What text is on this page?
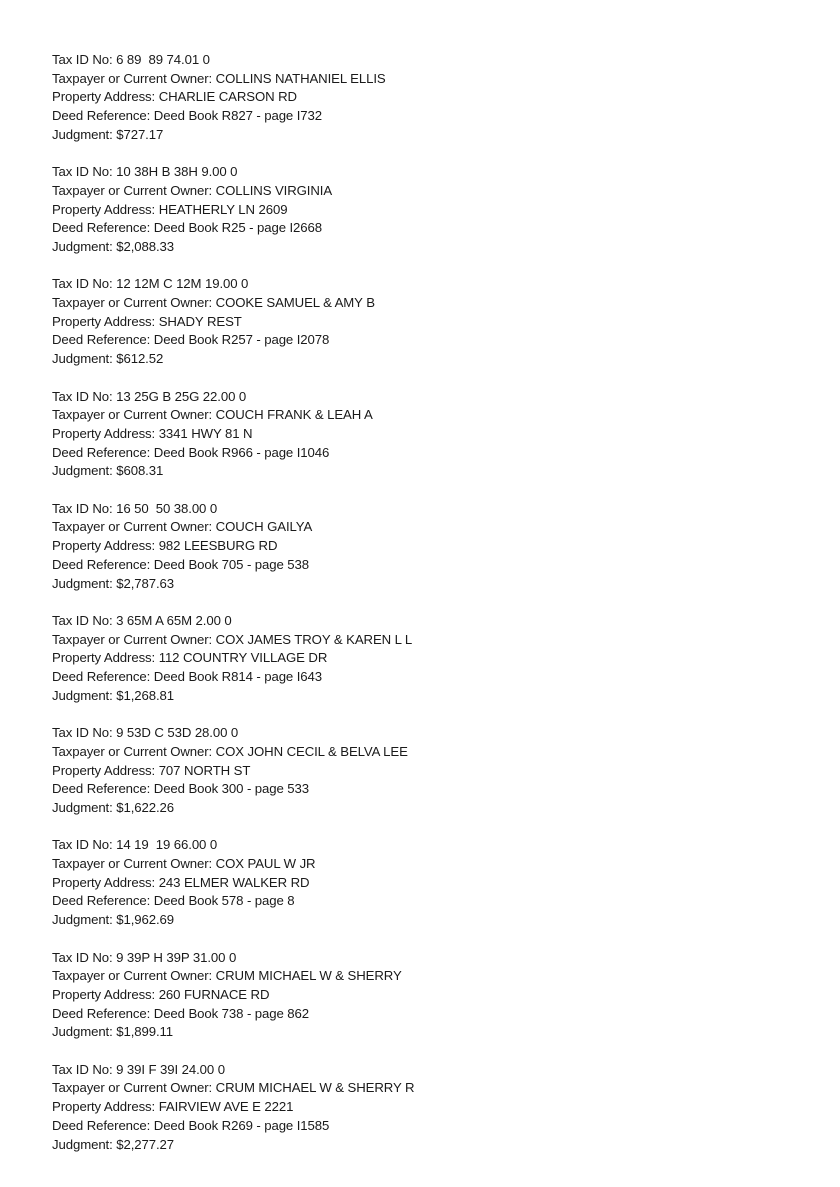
Tax ID No: 6 89  89 74.01 0
Taxpayer or Current Owner: COLLINS NATHANIEL ELLIS
Property Address: CHARLIE CARSON RD
Deed Reference: Deed Book R827 - page I732
Judgment: $727.17
Tax ID No: 10 38H B 38H 9.00 0
Taxpayer or Current Owner: COLLINS VIRGINIA
Property Address: HEATHERLY LN 2609
Deed Reference: Deed Book R25 - page I2668
Judgment: $2,088.33
Tax ID No: 12 12M C 12M 19.00 0
Taxpayer or Current Owner: COOKE SAMUEL & AMY B
Property Address: SHADY REST
Deed Reference: Deed Book R257 - page I2078
Judgment: $612.52
Tax ID No: 13 25G B 25G 22.00 0
Taxpayer or Current Owner: COUCH FRANK & LEAH A
Property Address: 3341 HWY 81 N
Deed Reference: Deed Book R966 - page I1046
Judgment: $608.31
Tax ID No: 16 50  50 38.00 0
Taxpayer or Current Owner: COUCH GAILYA
Property Address: 982 LEESBURG RD
Deed Reference: Deed Book 705 - page 538
Judgment: $2,787.63
Tax ID No: 3 65M A 65M 2.00 0
Taxpayer or Current Owner: COX JAMES TROY & KAREN L L
Property Address: 112 COUNTRY VILLAGE DR
Deed Reference: Deed Book R814 - page I643
Judgment: $1,268.81
Tax ID No: 9 53D C 53D 28.00 0
Taxpayer or Current Owner: COX JOHN CECIL & BELVA LEE
Property Address: 707 NORTH ST
Deed Reference: Deed Book 300 - page 533
Judgment: $1,622.26
Tax ID No: 14 19  19 66.00 0
Taxpayer or Current Owner: COX PAUL W JR
Property Address: 243 ELMER WALKER RD
Deed Reference: Deed Book 578 - page 8
Judgment: $1,962.69
Tax ID No: 9 39P H 39P 31.00 0
Taxpayer or Current Owner: CRUM MICHAEL W & SHERRY
Property Address: 260 FURNACE RD
Deed Reference: Deed Book 738 - page 862
Judgment: $1,899.11
Tax ID No: 9 39I F 39I 24.00 0
Taxpayer or Current Owner: CRUM MICHAEL W & SHERRY R
Property Address: FAIRVIEW AVE E 2221
Deed Reference: Deed Book R269 - page I1585
Judgment: $2,277.27
